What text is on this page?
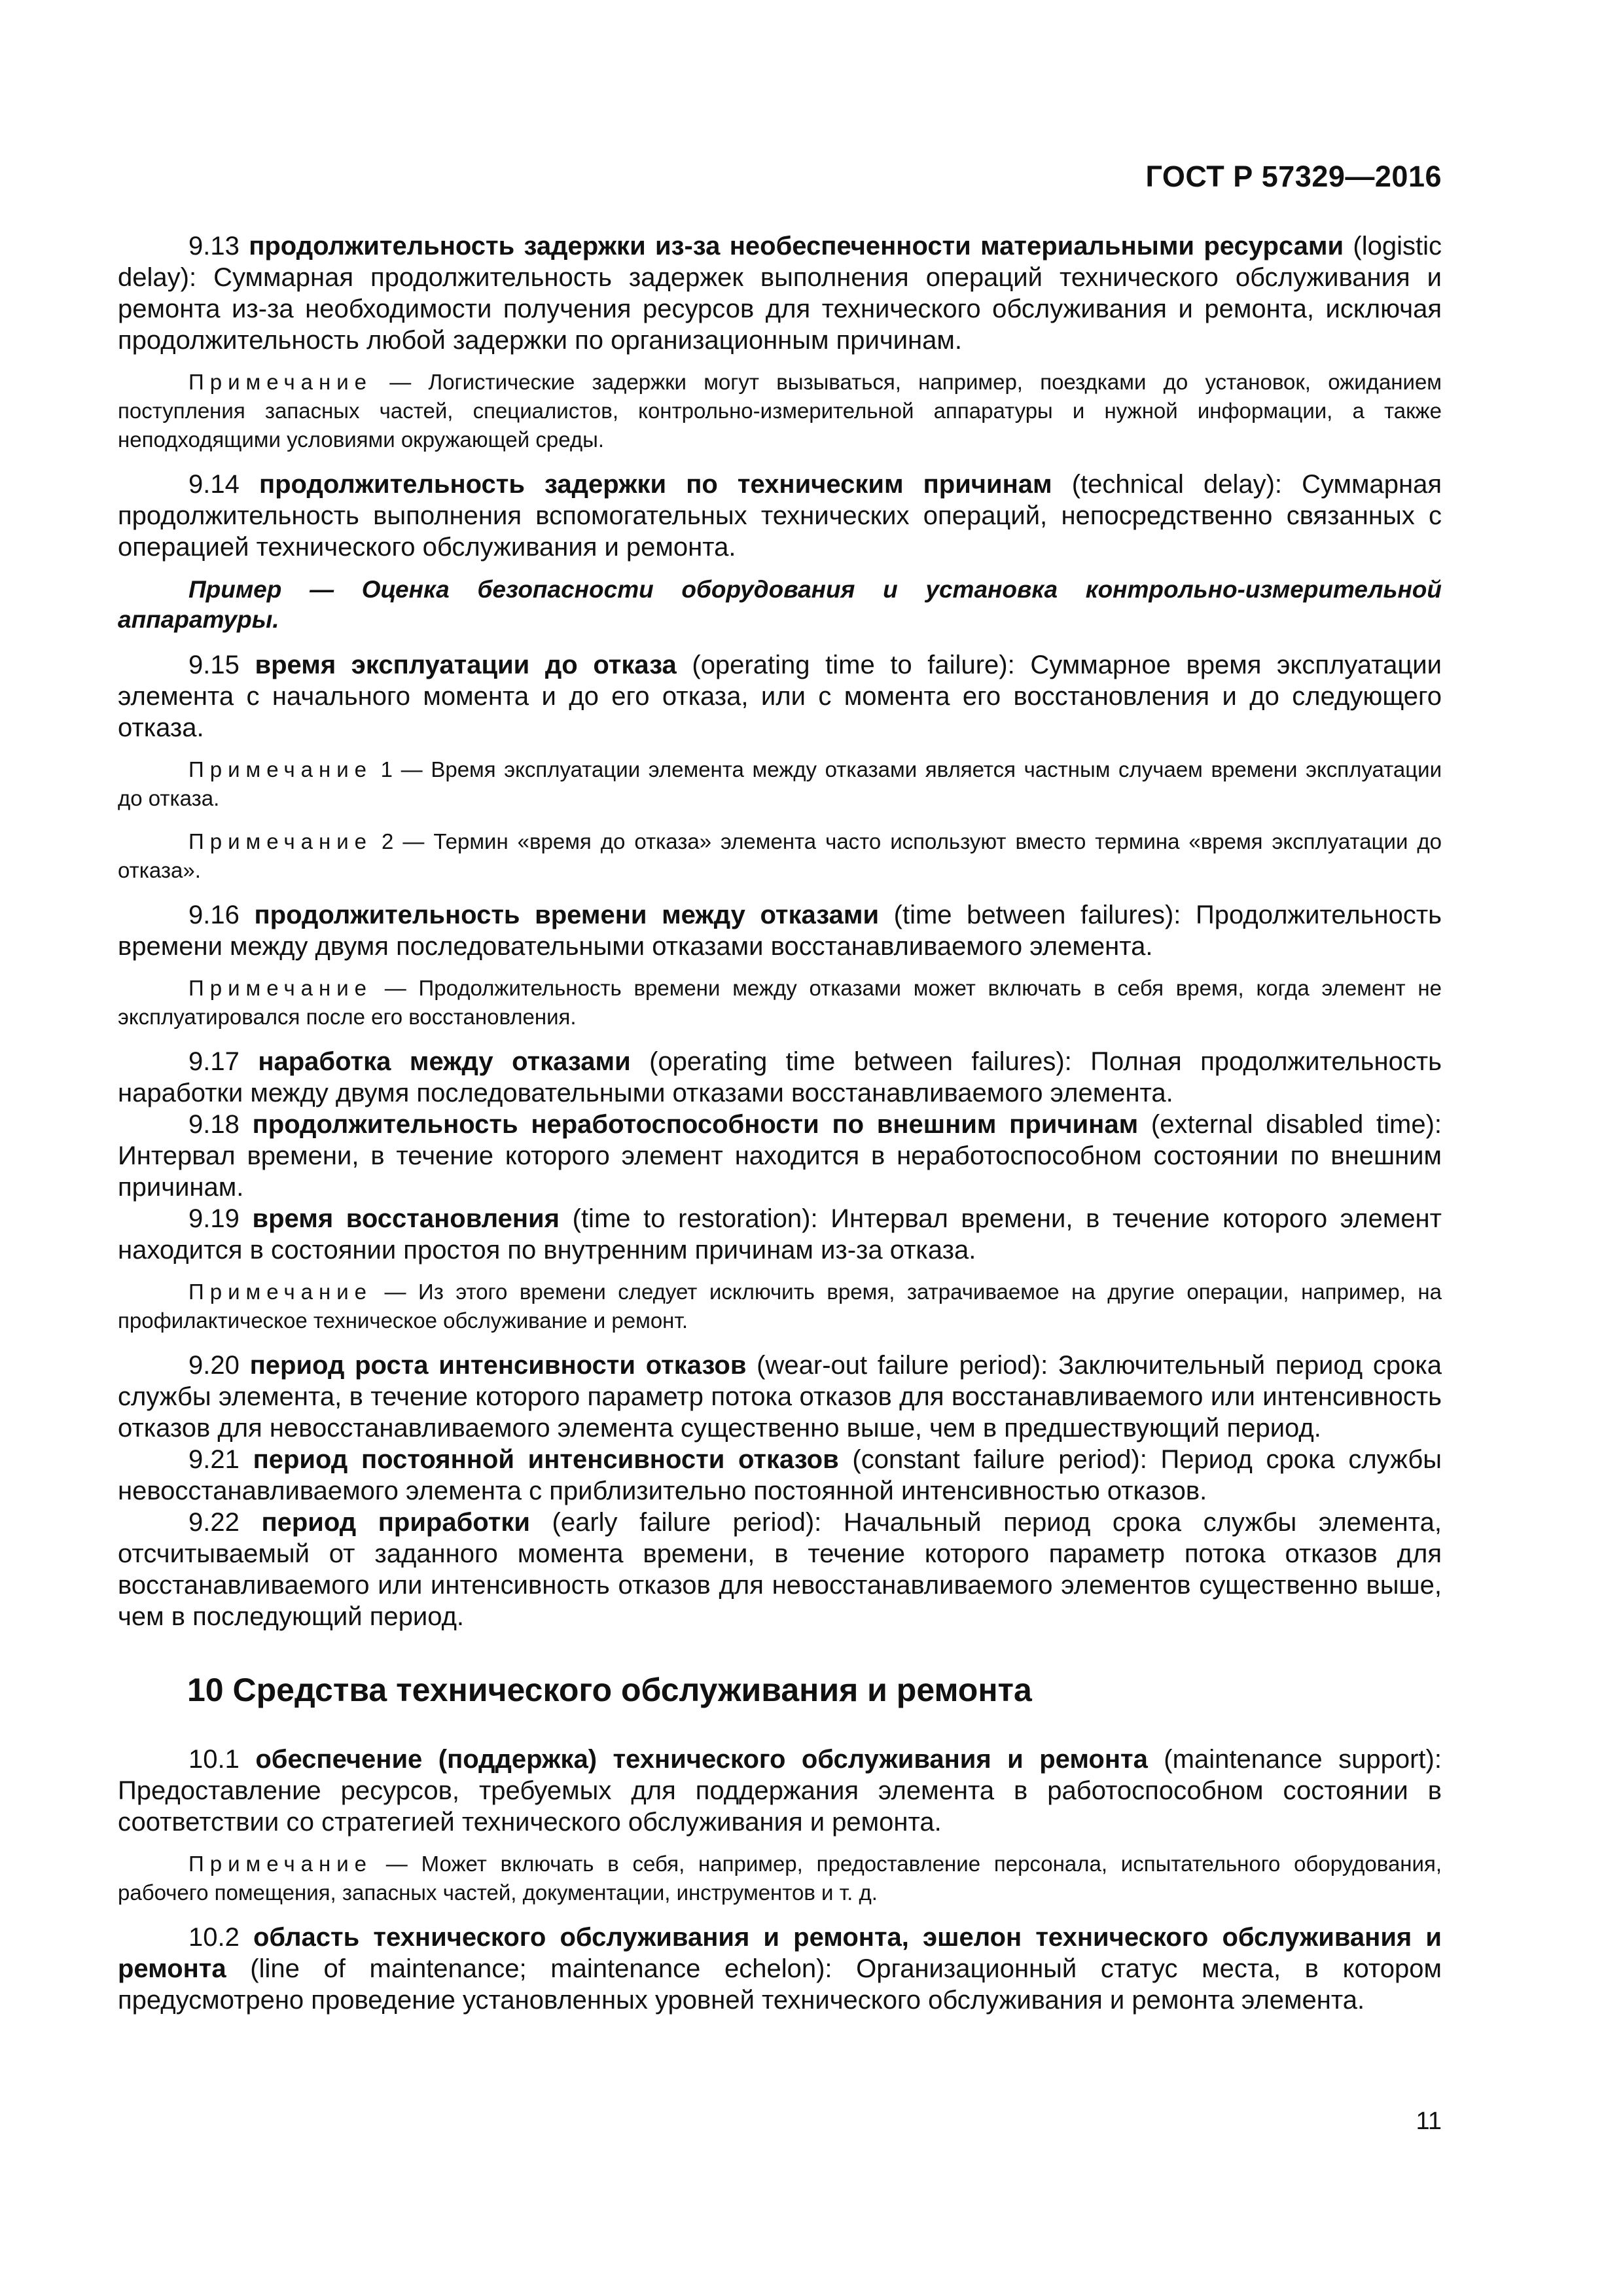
ГОСТ Р 57329—2016

9.13 продолжительность задержки из-за необеспеченности материальными ресурсами (logistic delay): Суммарная продолжительность задержек выполнения операций технического обслуживания и ремонта из-за необходимости получения ресурсов для технического обслуживания и ремонта, исключая продолжительность любой задержки по организационным причинам.

Примечание — Логистические задержки могут вызываться, например, поездками до установок, ожиданием поступления запасных частей, специалистов, контрольно-измерительной аппаратуры и нужной информации, а также неподходящими условиями окружающей среды.

9.14 продолжительность задержки по техническим причинам (technical delay): Суммарная продолжительность выполнения вспомогательных технических операций, непосредственно связанных с операцией технического обслуживания и ремонта.

Пример — Оценка безопасности оборудования и установка контрольно-измерительной аппаратуры.

9.15 время эксплуатации до отказа (operating time to failure): Суммарное время эксплуатации элемента с начального момента и до его отказа, или с момента его восстановления и до следующего отказа.

Примечание 1 — Время эксплуатации элемента между отказами является частным случаем времени эксплуатации до отказа.

Примечание 2 — Термин «время до отказа» элемента часто используют вместо термина «время эксплуатации до отказа».

9.16 продолжительность времени между отказами (time between failures): Продолжительность времени между двумя последовательными отказами восстанавливаемого элемента.

Примечание — Продолжительность времени между отказами может включать в себя время, когда элемент не эксплуатировался после его восстановления.

9.17 наработка между отказами (operating time between failures): Полная продолжительность наработки между двумя последовательными отказами восстанавливаемого элемента.

9.18 продолжительность неработоспособности по внешним причинам (external disabled time): Интервал времени, в течение которого элемент находится в неработоспособном состоянии по внешним причинам.

9.19 время восстановления (time to restoration): Интервал времени, в течение которого элемент находится в состоянии простоя по внутренним причинам из-за отказа.

Примечание — Из этого времени следует исключить время, затрачиваемое на другие операции, например, на профилактическое техническое обслуживание и ремонт.

9.20 период роста интенсивности отказов (wear-out failure period): Заключительный период срока службы элемента, в течение которого параметр потока отказов для восстанавливаемого или интенсивность отказов для невосстанавливаемого элемента существенно выше, чем в предшествующий период.

9.21 период постоянной интенсивности отказов (constant failure period): Период срока службы невосстанавливаемого элемента с приблизительно постоянной интенсивностью отказов.

9.22 период приработки (early failure period): Начальный период срока службы элемента, отсчитываемый от заданного момента времени, в течение которого параметр потока отказов для восстанавливаемого или интенсивность отказов для невосстанавливаемого элементов существенно выше, чем в последующий период.

10 Средства технического обслуживания и ремонта

10.1 обеспечение (поддержка) технического обслуживания и ремонта (maintenance support): Предоставление ресурсов, требуемых для поддержания элемента в работоспособном состоянии в соответствии со стратегией технического обслуживания и ремонта.

Примечание — Может включать в себя, например, предоставление персонала, испытательного оборудования, рабочего помещения, запасных частей, документации, инструментов и т. д.

10.2 область технического обслуживания и ремонта, эшелон технического обслуживания и ремонта (line of maintenance; maintenance echelon): Организационный статус места, в котором предусмотрено проведение установленных уровней технического обслуживания и ремонта элемента.

11
